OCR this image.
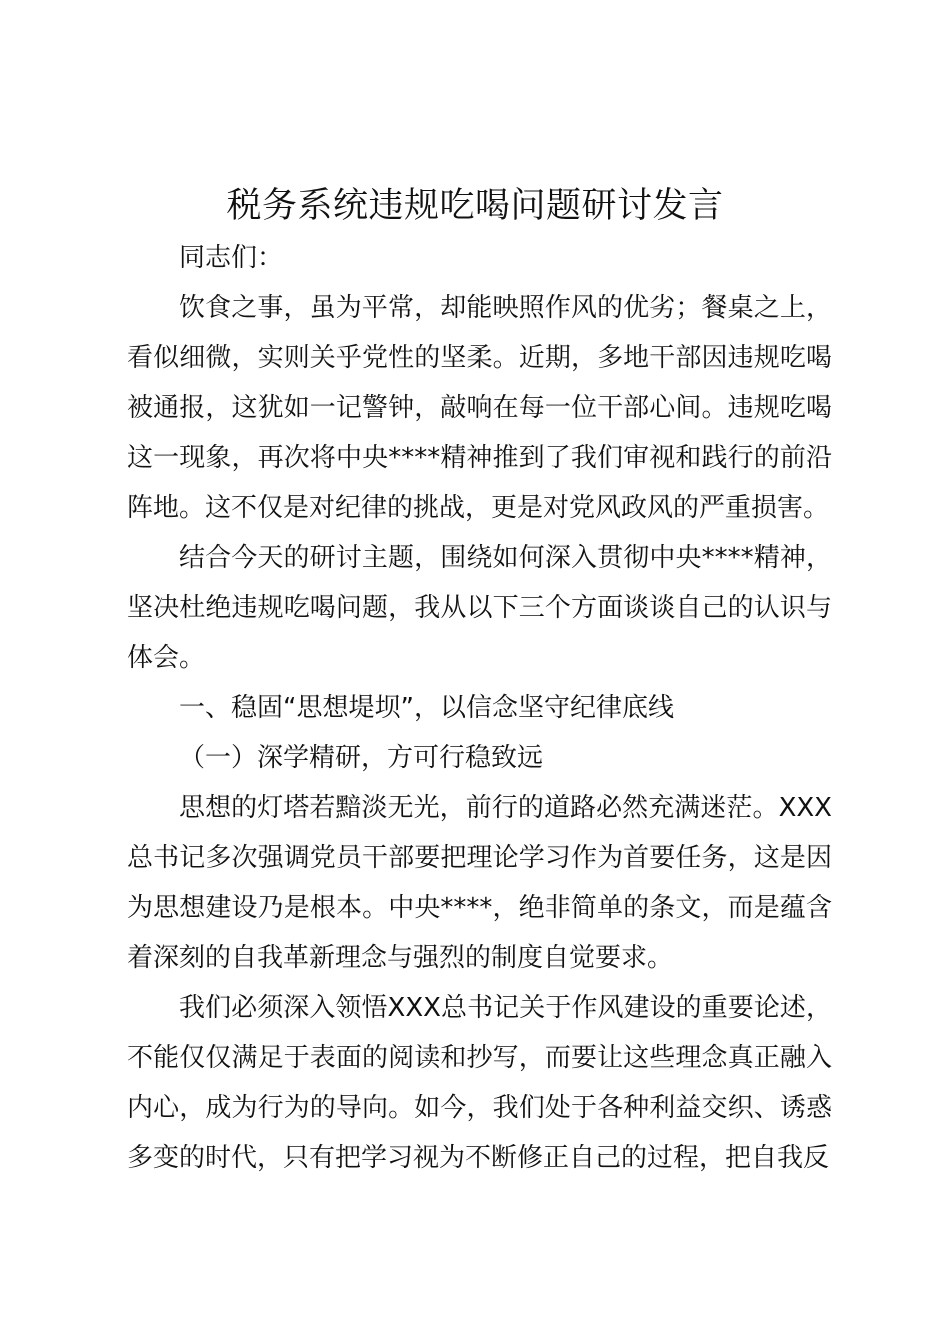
税务系统违规吃喝问题研讨发言

同志们：

饮食之事，虽为平常，却能映照作风的优劣；餐桌之上，看似细微，实则关乎党性的坚柔。近期，多地干部因违规吃喝被通报，这犹如一记警钟，敲响在每一位干部心间。违规吃喝这一现象，再次将中央****精神推到了我们审视和践行的前沿阵地。这不仅是对纪律的挑战，更是对党风政风的严重损害。

结合今天的研讨主题，围绕如何深入贯彻中央****精神，坚决杜绝违规吃喝问题，我从以下三个方面谈谈自己的认识与体会。

一、稳固“思想堤坝”，以信念坚守纪律底线

（一）深学精研，方可行稳致远

思想的灯塔若黯淡无光，前行的道路必然充满迷茫。XXX总书记多次强调党员干部要把理论学习作为首要任务，这是因为思想建设乃是根本。中央****，绝非简单的条文，而是蕴含着深刻的自我革新理念与强烈的制度自觉要求。

我们必须深入领悟XXX总书记关于作风建设的重要论述，不能仅仅满足于表面的阅读和抄写，而要让这些理念真正融入内心，成为行为的导向。如今，我们处于各种利益交织、诱惑多变的时代，只有把学习视为不断修正自己的过程，把自我反
